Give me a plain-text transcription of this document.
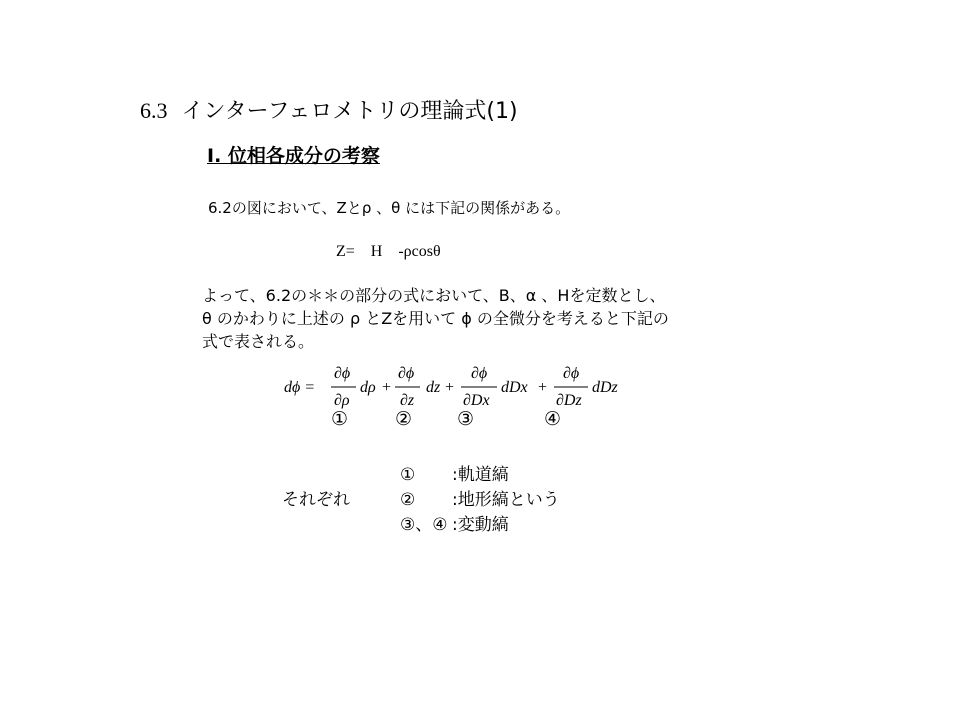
6.3 インターフェロメトリの理論式(1)
Ⅰ. 位相各成分の考察
6.2の図において、Zとρ 、θ には下記の関係がある。
Z=　H　-ρcosθ
よって、6.2の＊＊の部分の式において、B、α 、Hを定数とし、
θ のかわりに上述の ρ とZを用いて ϕ の全微分を考えると下記の
式で表される。
dϕ =
∂ϕ
∂ρ
dρ +
∂ϕ
∂z
dz +
∂ϕ
∂Dx
dDx +
∂ϕ
∂Dz
dDz
① ② ③	④
それぞれ
① :軌道縞
② :地形縞という
③、④ :変動縞
